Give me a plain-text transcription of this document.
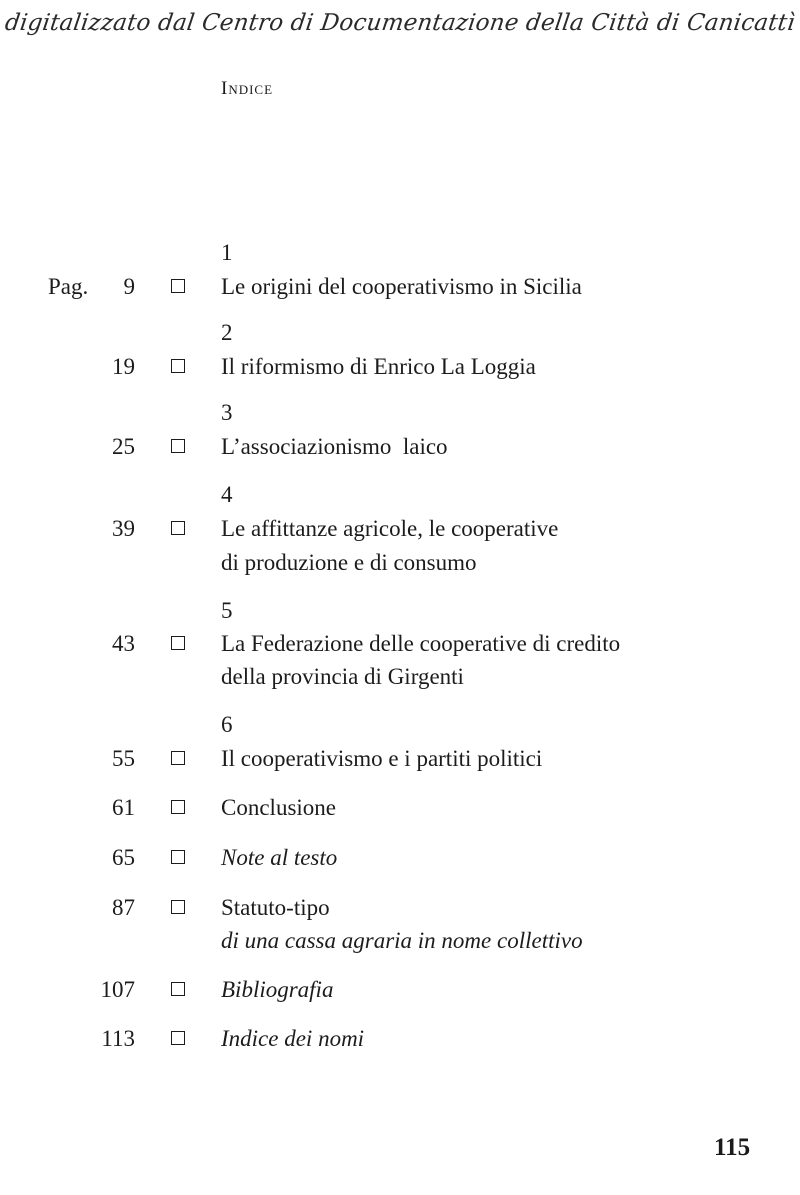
digitalizzato dal Centro di Documentazione della Città di Canicattì
Indice
1
Pag. 9	Le origini del cooperativismo in Sicilia
2
19	Il riformismo di Enrico La Loggia
3
25	L’associazionismo  laico
4
39	Le affittanze agricole, le cooperative
di produzione e di consumo
5
43	La Federazione delle cooperative di credito
della provincia di Girgenti
6
55	Il cooperativismo e i partiti politici
61	Conclusione
65	Note al testo
87	Statuto-tipo
di una cassa agraria in nome collettivo
107	Bibliografia
113	Indice dei nomi
115
